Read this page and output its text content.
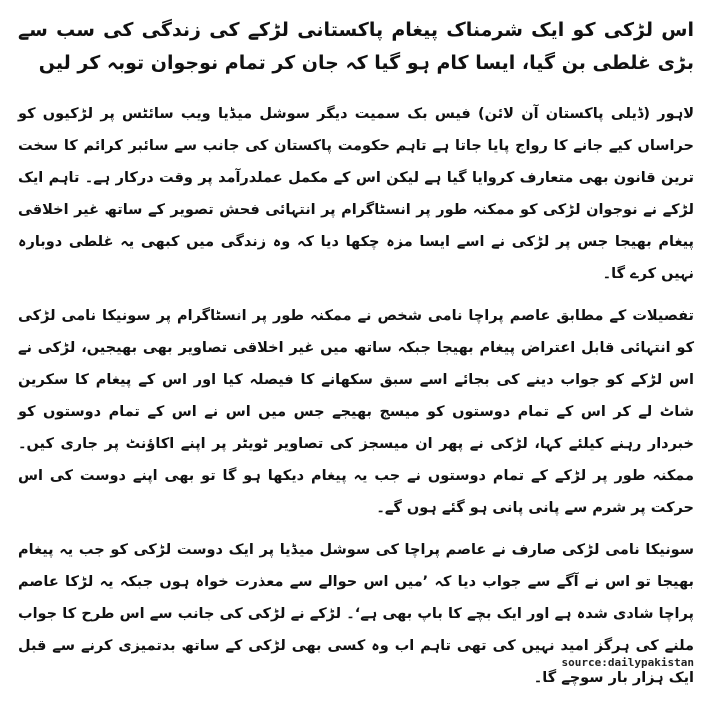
اس لڑکی کو ایک شرمناک پیغام پاکستانی لڑکے کی زندگی کی سب سے بڑی غلطی بن گیا، ایسا کام ہو گیا کہ جان کر تمام نوجوان توبہ کر لیں

لاہور (ڈیلی پاکستان آن لائن) فیس بک سمیت دیگر سوشل میڈیا ویب سائٹس پر لڑکیوں کو حراساں کیے جانے کا رواج پایا جاتا ہے تاہم حکومت پاکستان کی جانب سے سائبر کرائم کا سخت ترین قانون بھی متعارف کروایا گیا ہے لیکن اس کے مکمل عملدرآمد پر وقت درکار ہے۔ تاہم ایک لڑکے نے نوجوان لڑکی کو ممکنہ طور پر انسٹاگرام پر انتہائی فحش تصویر کے ساتھ غیر اخلاقی پیغام بھیجا جس پر لڑکی نے اسے ایسا مزہ چکھا دیا کہ وہ زندگی میں کبھی یہ غلطی دوبارہ نہیں کرے گا۔

تفصیلات کے مطابق عاصم پراچا نامی شخص نے ممکنہ طور پر انسٹاگرام پر سونیکا نامی لڑکی کو انتہائی قابل اعتراض پیغام بھیجا جبکہ ساتھ میں غیر اخلاقی تصاویر بھی بھیجیں، لڑکی نے اس لڑکے کو جواب دینے کی بجائے اسے سبق سکھانے کا فیصلہ کیا اور اس کے پیغام کا سکرین شاٹ لے کر اس کے تمام دوستوں کو میسج بھیجے جس میں اس نے اس کے تمام دوستوں کو خبردار رہنے کیلئے کہا، لڑکی نے پھر ان میسجز کی تصاویر ٹویٹر پر اپنے اکاؤنٹ پر جاری کیں۔ ممکنہ طور پر لڑکے کے تمام دوستوں نے جب یہ پیغام دیکھا ہو گا تو بھی اپنے دوست کی اس حرکت پر شرم سے پانی پانی ہو گئے ہوں گے۔

سونیکا نامی لڑکی صارف نے عاصم پراچا کی سوشل میڈیا پر ایک دوست لڑکی کو جب یہ پیغام بھیجا تو اس نے آگے سے جواب دیا کہ ’میں اس حوالے سے معذرت خواہ ہوں جبکہ یہ لڑکا عاصم پراچا شادی شدہ ہے اور ایک بچے کا باپ بھی ہے‘۔ لڑکے نے لڑکی کی جانب سے اس طرح کا جواب ملنے کی ہرگز امید نہیں کی تھی تاہم اب وہ کسی بھی لڑکی کے ساتھ بدتمیزی کرنے سے قبل ایک ہزار بار سوچے گا۔

source:dailypakistan
